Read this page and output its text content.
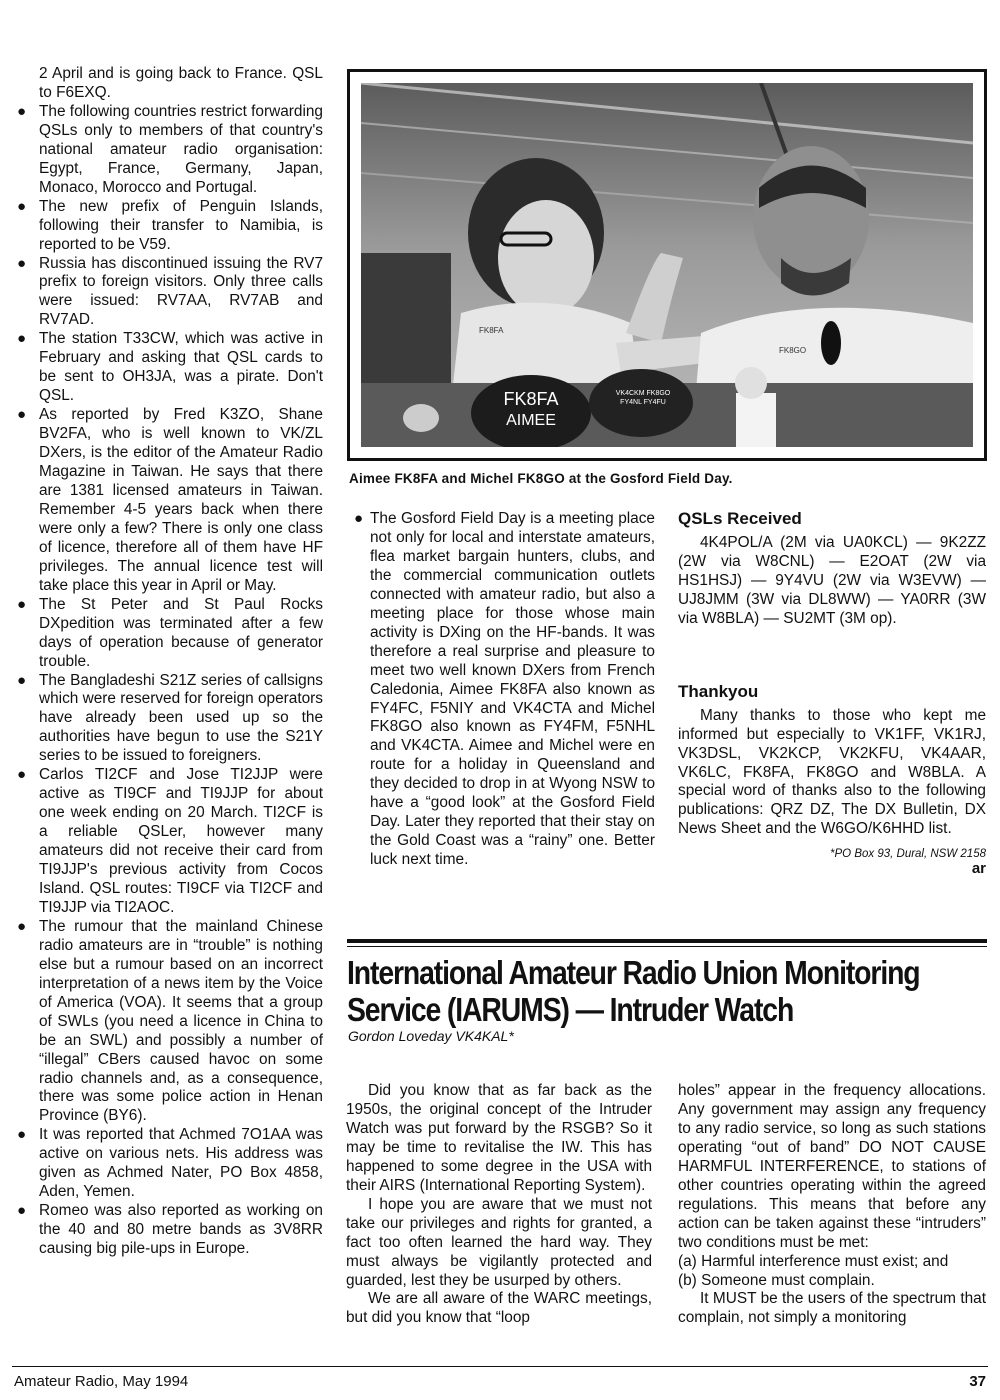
2 April and is going back to France. QSL to F6EXQ.

● The following countries restrict forwarding QSLs only to members of that country's national amateur radio organisation: Egypt, France, Germany, Japan, Monaco, Morocco and Portugal.
● The new prefix of Penguin Islands, following their transfer to Namibia, is reported to be V59.
● Russia has discontinued issuing the RV7 prefix to foreign visitors. Only three calls were issued: RV7AA, RV7AB and RV7AD.
● The station T33CW, which was active in February and asking that QSL cards to be sent to OH3JA, was a pirate. Don't QSL.
● As reported by Fred K3ZO, Shane BV2FA, who is well known to VK/ZL DXers, is the editor of the Amateur Radio Magazine in Taiwan. He says that there are 1381 licensed amateurs in Taiwan. Remember 4-5 years back when there were only a few? There is only one class of licence, therefore all of them have HF privileges. The annual licence test will take place this year in April or May.
● The St Peter and St Paul Rocks DXpedition was terminated after a few days of operation because of generator trouble.
● The Bangladeshi S21Z series of callsigns which were reserved for foreign operators have already been used up so the authorities have begun to use the S21Y series to be issued to foreigners.
● Carlos TI2CF and Jose TI2JJP were active as TI9CF and TI9JJP for about one week ending on 20 March. TI2CF is a reliable QSLer, however many amateurs did not receive their card from TI9JJP's previous activity from Cocos Island. QSL routes: TI9CF via TI2CF and TI9JJP via TI2AOC.
● The rumour that the mainland Chinese radio amateurs are in “trouble” is nothing else but a rumour based on an incorrect interpretation of a news item by the Voice of America (VOA). It seems that a group of SWLs (you need a licence in China to be an SWL) and possibly a number of “illegal” CBers caused havoc on some radio channels and, as a consequence, there was some police action in Henan Province (BY6).
● It was reported that Achmed 7O1AA was active on various nets. His address was given as Achmed Nater, PO Box 4858, Aden, Yemen.
● Romeo was also reported as working on the 40 and 80 metre bands as 3V8RR causing big pile-ups in Europe.
FK8FA
AIMEE
VK4CKM FK8GO
FY4NL FY4FU
FK8FA
FK8GO
Aimee FK8FA and Michel FK8GO at the Gosford Field Day.
● The Gosford Field Day is a meeting place not only for local and interstate amateurs, flea market bargain hunters, clubs, and the commercial communication outlets connected with amateur radio, but also a meeting place for those whose main activity is DXing on the HF-bands. It was therefore a real surprise and pleasure to meet two well known DXers from French Caledonia, Aimee FK8FA also known as FY4FC, F5NIY and VK4CTA and Michel FK8GO also known as FY4FM, F5NHL and VK4CTA. Aimee and Michel were en route for a holiday in Queensland and they decided to drop in at Wyong NSW to have a “good look” at the Gosford Field Day. Later they reported that their stay on the Gold Coast was a “rainy” one. Better luck next time.
QSLs Received

4K4POL/A (2M via UA0KCL) — 9K2ZZ (2W via W8CNL) — E2OAT (2W via HS1HSJ) — 9Y4VU (2W via W3EVW) — UJ8JMM (3W via DL8WW) — YA0RR (3W via W8BLA) — SU2MT (3M op).

Thankyou

Many thanks to those who kept me informed but especially to VK1FF, VK1RJ, VK3DSL, VK2KCP, VK2KFU, VK4AAR, VK6LC, FK8FA, FK8GO and W8BLA. A special word of thanks also to the following publications: QRZ DZ, The DX Bulletin, DX News Sheet and the W6GO/K6HHD list.

*PO Box 93, Dural, NSW 2158
ar
International Amateur Radio Union Monitoring
Service (IARUMS) — Intruder Watch
Gordon Loveday VK4KAL*

Did you know that as far back as the 1950s, the original concept of the Intruder Watch was put forward by the RSGB? So it may be time to revitalise the IW. This has happened to some degree in the USA with their AIRS (International Reporting System).

I hope you are aware that we must not take our privileges and rights for granted, a fact too often learned the hard way. They must always be vigilantly protected and guarded, lest they be usurped by others.

We are all aware of the WARC meetings, but did you know that “loop

holes” appear in the frequency allocations. Any government may assign any frequency to any radio service, so long as such stations operating “out of band” DO NOT CAUSE HARMFUL INTERFERENCE, to stations of other countries operating within the agreed regulations. This means that before any action can be taken against these “intruders” two conditions must be met:

(a) Harmful interference must exist; and

(b) Someone must complain.

It MUST be the users of the spectrum that complain, not simply a monitoring

Amateur Radio, May 1994	37
